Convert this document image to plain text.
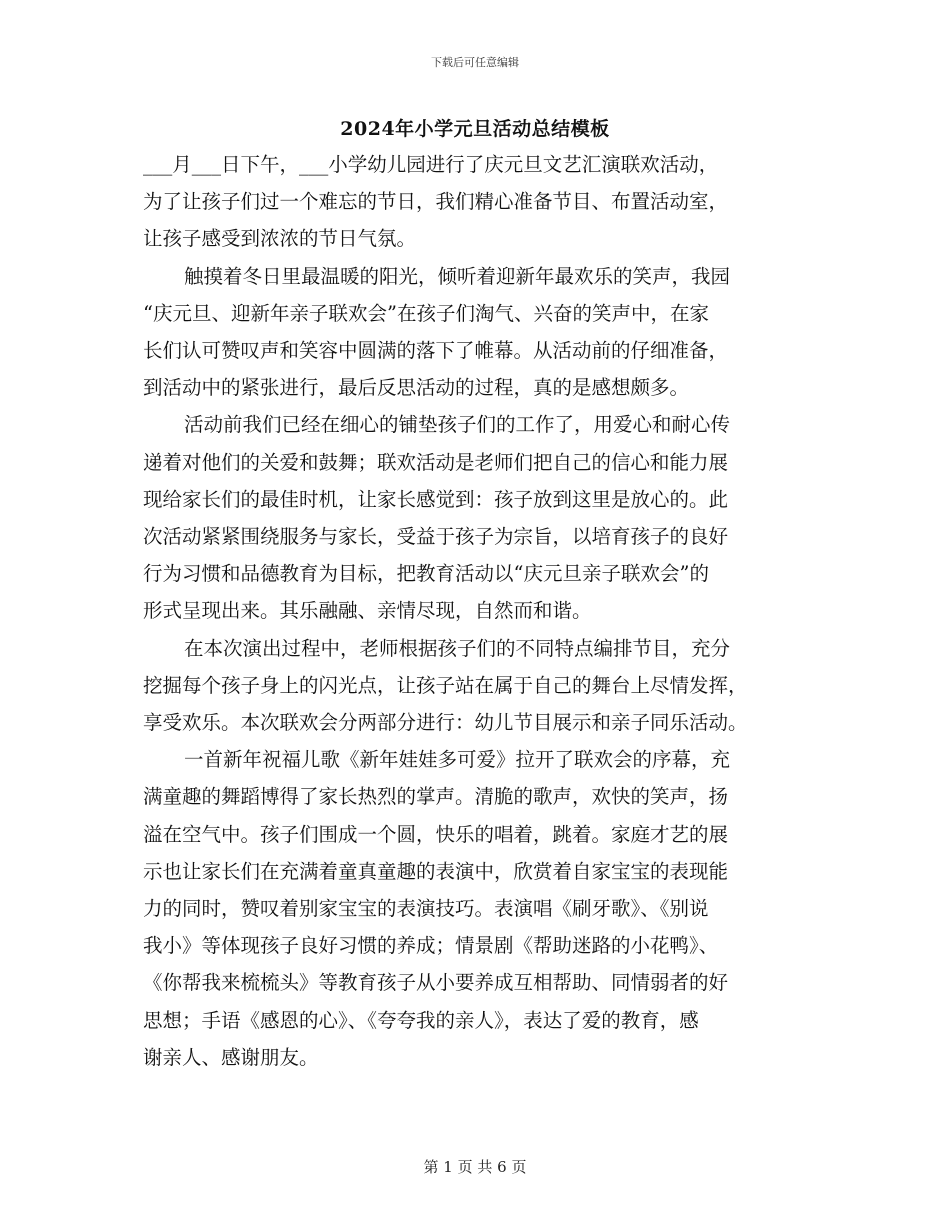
下载后可任意编辑
2024年小学元旦活动总结模板
___月___日下午，___小学幼儿园进行了庆元旦文艺汇演联欢活动，
为了让孩子们过一个难忘的节日，我们精心准备节目、布置活动室，
让孩子感受到浓浓的节日气氛。
触摸着冬日里最温暖的阳光，倾听着迎新年最欢乐的笑声，我园
“庆元旦、迎新年亲子联欢会”在孩子们淘气、兴奋的笑声中，在家
长们认可赞叹声和笑容中圆满的落下了帷幕。从活动前的仔细准备，
到活动中的紧张进行，最后反思活动的过程，真的是感想颇多。
活动前我们已经在细心的铺垫孩子们的工作了，用爱心和耐心传
递着对他们的关爱和鼓舞；联欢活动是老师们把自己的信心和能力展
现给家长们的最佳时机，让家长感觉到：孩子放到这里是放心的。此
次活动紧紧围绕服务与家长，受益于孩子为宗旨，以培育孩子的良好
行为习惯和品德教育为目标，把教育活动以“庆元旦亲子联欢会”的
形式呈现出来。其乐融融、亲情尽现，自然而和谐。
在本次演出过程中，老师根据孩子们的不同特点编排节目，充分
挖掘每个孩子身上的闪光点，让孩子站在属于自己的舞台上尽情发挥，
享受欢乐。本次联欢会分两部分进行：幼儿节目展示和亲子同乐活动。
一首新年祝福儿歌《新年娃娃多可爱》拉开了联欢会的序幕，充
满童趣的舞蹈博得了家长热烈的掌声。清脆的歌声，欢快的笑声，扬
溢在空气中。孩子们围成一个圆，快乐的唱着，跳着。家庭才艺的展
示也让家长们在充满着童真童趣的表演中，欣赏着自家宝宝的表现能
力的同时，赞叹着别家宝宝的表演技巧。表演唱《刷牙歌》、《别说
我小》等体现孩子良好习惯的养成；情景剧《帮助迷路的小花鸭》、
《你帮我来梳梳头》等教育孩子从小要养成互相帮助、同情弱者的好
思想；手语《感恩的心》、《夸夸我的亲人》，表达了爱的教育，感
谢亲人、感谢朋友。
第 1 页 共 6 页
